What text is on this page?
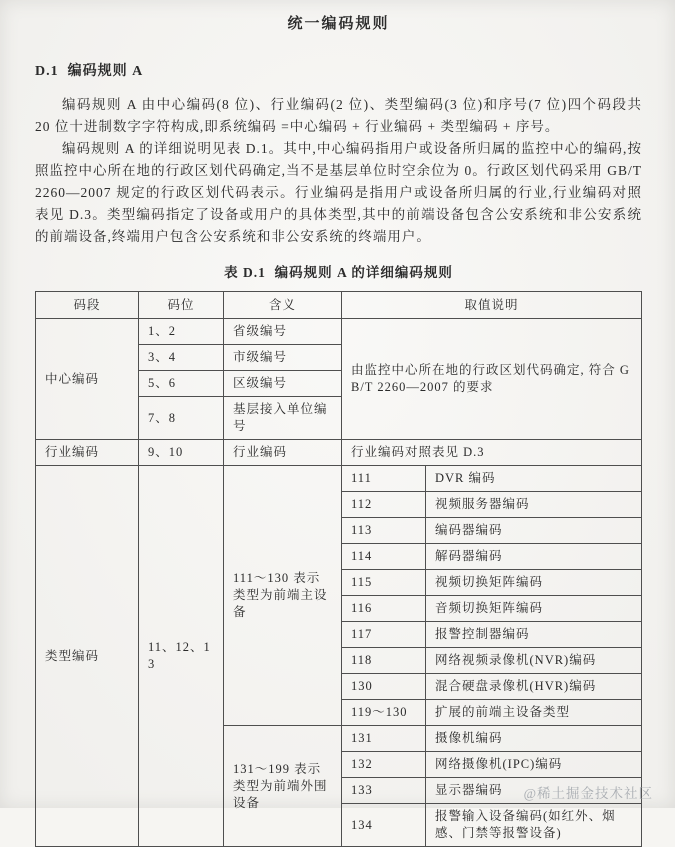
统一编码规则
D.1  编码规则 A

编码规则 A 由中心编码(8 位)、行业编码(2 位)、类型编码(3 位)和序号(7 位)四个码段共 20 位十进制数字字符构成,即系统编码 =中心编码 + 行业编码 + 类型编码 + 序号。

编码规则 A 的详细说明见表 D.1。其中,中心编码指用户或设备所归属的监控中心的编码,按照监控中心所在地的行政区划代码确定,当不是基层单位时空余位为 0。行政区划代码采用 GB/T 2260—2007 规定的行政区划代码表示。行业编码是指用户或设备所归属的行业,行业编码对照表见 D.3。类型编码指定了设备或用户的具体类型,其中的前端设备包含公安系统和非公安系统的前端设备,终端用户包含公安系统和非公安系统的终端用户。

表 D.1  编码规则 A 的详细编码规则
码段	码位	含义	取值说明	
中心编码	1、2	省级编号	由监控中心所在地的行政区划代码确定, 符合 GB/T 2260—2007 的要求	
	3、4	市级编号		
	5、6	区级编号		
	7、8	基层接入单位编号		
行业编码	9、10	行业编码	行业编码对照表见 D.3	
类型编码	11、12、13	111～130 表示类型为前端主设备	111	DVR 编码
			112	视频服务器编码
			113	编码器编码
			114	解码器编码
			115	视频切换矩阵编码
			116	音频切换矩阵编码
			117	报警控制器编码
			118	网络视频录像机(NVR)编码
			130	混合硬盘录像机(HVR)编码
			119～130	扩展的前端主设备类型
		131～199 表示类型为前端外围设备	131	摄像机编码
			132	网络摄像机(IPC)编码
			133	显示器编码
			134	报警输入设备编码(如红外、烟感、门禁等报警设备)
@稀土掘金技术社区
